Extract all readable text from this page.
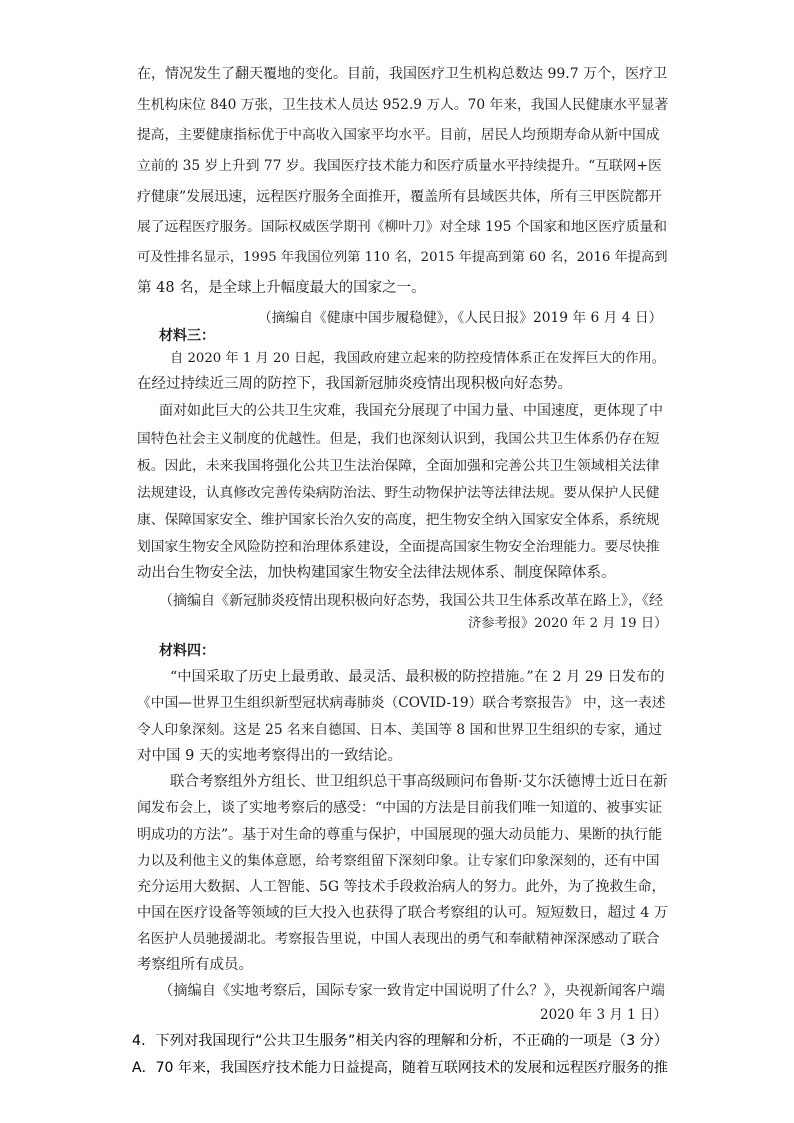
在，情况发生了翻天覆地的变化。目前，我国医疗卫生机构总数达 99.7 万个，医疗卫
生机构床位 840 万张，卫生技术人员达 952.9 万人。70 年来，我国人民健康水平显著
提高，主要健康指标优于中高收入国家平均水平。目前，居民人均预期寿命从新中国成
立前的 35 岁上升到 77 岁。我国医疗技术能力和医疗质量水平持续提升。“互联网+医
疗健康”发展迅速，远程医疗服务全面推开，覆盖所有县域医共体，所有三甲医院都开
展了远程医疗服务。国际权威医学期刊《柳叶刀》对全球 195 个国家和地区医疗质量和
可及性排名显示，1995 年我国位列第 110 名，2015 年提高到第 60 名，2016 年提高到
第 48 名，是全球上升幅度最大的国家之一。
（摘编自《健康中国步履稳健》，《人民日报》2019 年 6 月 4 日）
材料三：
自 2020 年 1 月 20 日起，我国政府建立起来的防控疫情体系正在发挥巨大的作用。
在经过持续近三周的防控下，我国新冠肺炎疫情出现积极向好态势。
面对如此巨大的公共卫生灾难，我国充分展现了中国力量、中国速度，更体现了中
国特色社会主义制度的优越性。但是，我们也深刻认识到，我国公共卫生体系仍存在短
板。因此，未来我国将强化公共卫生法治保障，全面加强和完善公共卫生领域相关法律
法规建设，认真修改完善传染病防治法、野生动物保护法等法律法规。要从保护人民健
康、保障国家安全、维护国家长治久安的高度，把生物安全纳入国家安全体系，系统规
划国家生物安全风险防控和治理体系建设，全面提高国家生物安全治理能力。要尽快推
动出台生物安全法，加快构建国家生物安全法律法规体系、制度保障体系。
（摘编自《新冠肺炎疫情出现积极向好态势，我国公共卫生体系改革在路上》，《经
济参考报》2020 年 2 月 19 日）
材料四：
“中国采取了历史上最勇敢、最灵活、最积极的防控措施。”在 2 月 29 日发布的
《中国—世界卫生组织新型冠状病毒肺炎（COVID-19）联合考察报告》 中，这一表述
令人印象深刻。这是 25 名来自德国、日本、美国等 8 国和世界卫生组织的专家，通过
对中国 9 天的实地考察得出的一致结论。
联合考察组外方组长、世卫组织总干事高级顾问布鲁斯·艾尔沃德博士近日在新
闻发布会上，谈了实地考察后的感受：“中国的方法是目前我们唯一知道的、被事实证
明成功的方法”。基于对生命的尊重与保护，中国展现的强大动员能力、果断的执行能
力以及利他主义的集体意愿，给考察组留下深刻印象。让专家们印象深刻的，还有中国
充分运用大数据、人工智能、5G 等技术手段救治病人的努力。此外，为了挽救生命，
中国在医疗设备等领域的巨大投入也获得了联合考察组的认可。短短数日，超过 4 万
名医护人员驰援湖北。考察报告里说，中国人表现出的勇气和奉献精神深深感动了联合
考察组所有成员。
（摘编自《实地考察后，国际专家一致肯定中国说明了什么？》，央视新闻客户端
2020 年 3 月 1 日）
4．下列对我国现行“公共卫生服务”相关内容的理解和分析，不正确的一项是（3 分）
A．70 年来，我国医疗技术能力日益提高，随着互联网技术的发展和远程医疗服务的推
